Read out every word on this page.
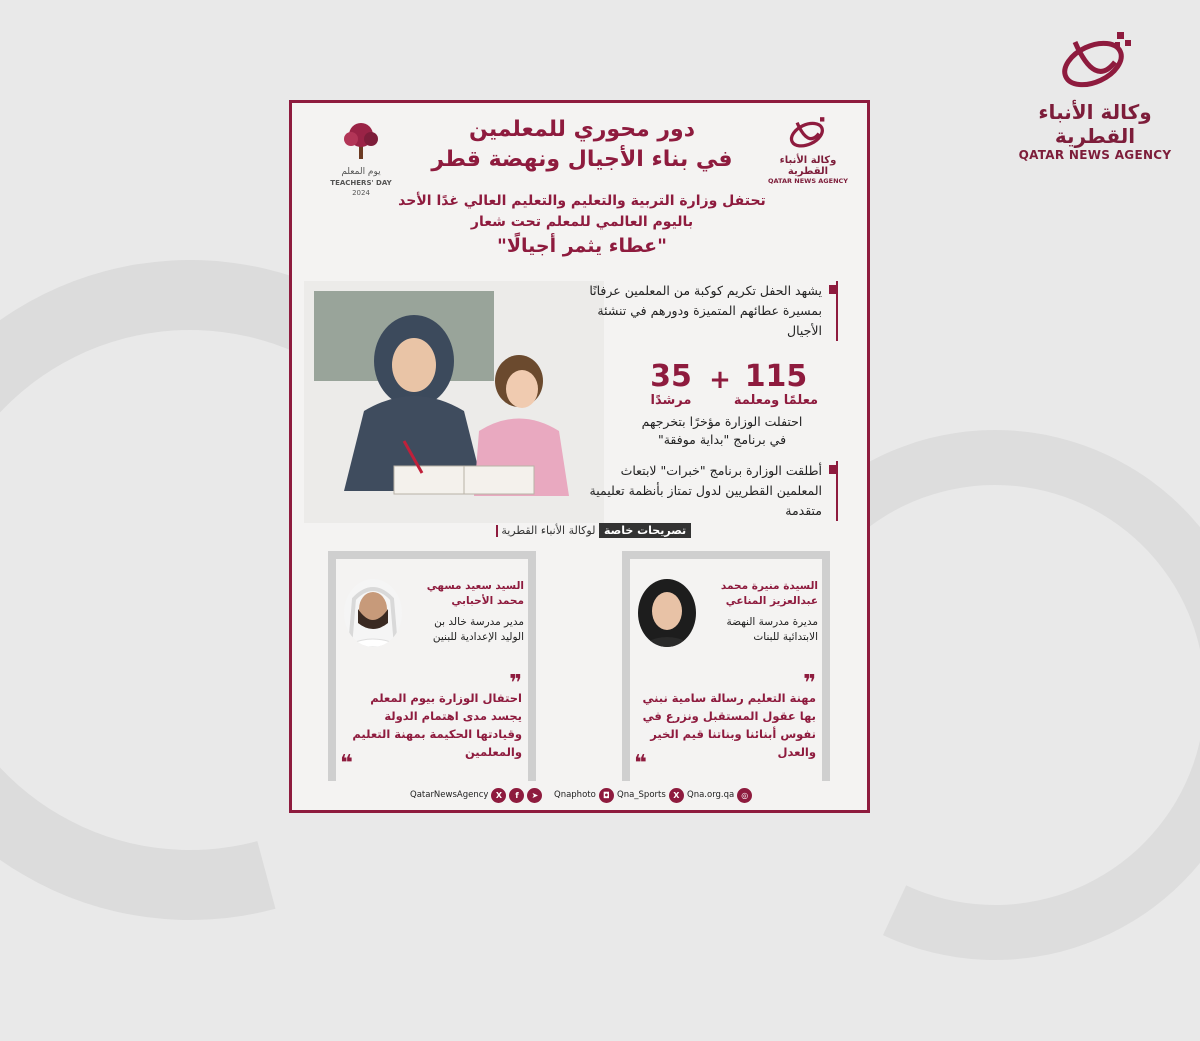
وكالة الأنباء القطرية
QATAR NEWS AGENCY
يوم المعلم
TEACHERS' DAY
2024
دور محوري للمعلمين
في بناء الأجيال ونهضة قطر	وكالة الأنباء القطرية
QATAR NEWS AGENCY
تحتفل وزارة التربية والتعليم والتعليم العالي غدًا الأحد
باليوم العالمي للمعلم تحت شعار
"عطاء يثمر أجيالًا"
يشهد الحفل تكريم كوكبة من المعلمين عرفانًا بمسيرة عطائهم المتميزة ودورهم في تنشئة الأجيال
115
معلمًا ومعلمة
+
35
مرشدًا
احتفلت الوزارة مؤخرًا بتخرجهم
في برنامج "بداية موفقة"
أطلقت الوزارة برنامج "خبرات" لابتعاث المعلمين القطريين لدول تمتاز بأنظمة تعليمية متقدمة
تصريحات خاصة لوكالة الأنباء القطرية
السيدة منيرة محمد
عبدالعزيز المناعي
مديرة مدرسة النهضة
الابتدائية للبنات
❞
مهنة التعليم رسالة سامية نبني بها عقول المستقبل ونزرع في نفوس أبنائنا وبناتنا قيم الخير والعدل
❝
السيد سعيد مسهي
محمد الأحبابي
مدير مدرسة خالد بن
الوليد الإعدادية للبنين
❞
احتفال الوزارة بيوم المعلم يجسد مدى اهتمام الدولة وقيادتها الحكيمة بمهنة التعليم والمعلمين
❝
Qna.org.qa ◎
Qna_Sports X
Qnaphoto ◘
QatarNewsAgency X	f	➤
